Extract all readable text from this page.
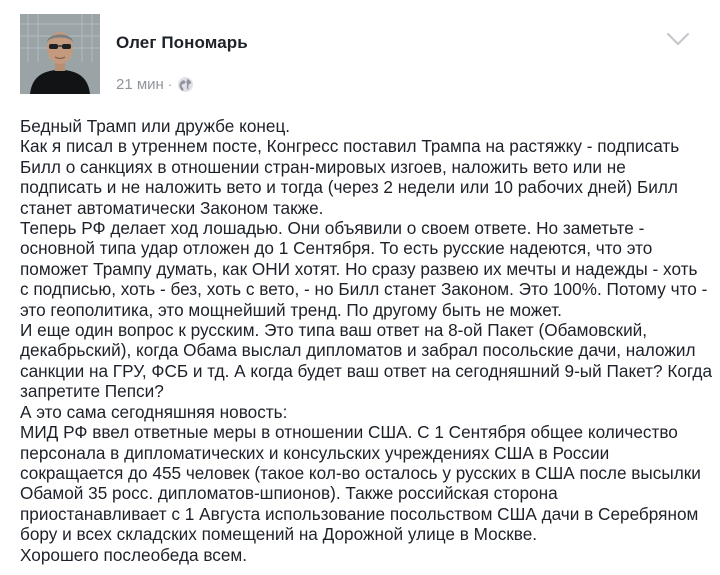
Олег Пономарь
21 мин ·
Бедный Трамп или дружбе конец.
Как я писал в утреннем посте, Конгресс поставил Трампа на растяжку - подписать
Билл о санкциях в отношении стран-мировых изгоев, наложить вето или не
подписать и не наложить вето и тогда (через 2 недели или 10 рабочих дней) Билл
станет автоматически Законом также.
Теперь РФ делает ход лошадью. Они объявили о своем ответе. Но заметьте -
основной типа удар отложен до 1 Сентября. То есть русские надеются, что это
поможет Трампу думать, как ОНИ хотят. Но сразу развею их мечты и надежды - хоть
с подписью, хоть - без, хоть с вето, - но Билл станет Законом. Это 100%. Потому что -
это геополитика, это мощнейший тренд. По другому быть не может.
И еще один вопрос к русским. Это типа ваш ответ на 8-ой Пакет (Обамовский,
декабрьский), когда Обама выслал дипломатов и забрал посольские дачи, наложил
санкции на ГРУ, ФСБ и тд. А когда будет ваш ответ на сегодняшний 9-ый Пакет? Когда
запретите Пепси?
А это сама сегодняшняя новость:
МИД РФ ввел ответные меры в отношении США. С 1 Сентября общее количество
персонала в дипломатических и консульских учреждениях США в России
сокращается до 455 человек (такое кол-во осталось у русских в США после высылки
Обамой 35 росс. дипломатов-шпионов). Также российская сторона
приостанавливает с 1 Августа использование посольством США дачи в Серебряном
бору и всех складских помещений на Дорожной улице в Москве.
Хорошего послеобеда всем.
